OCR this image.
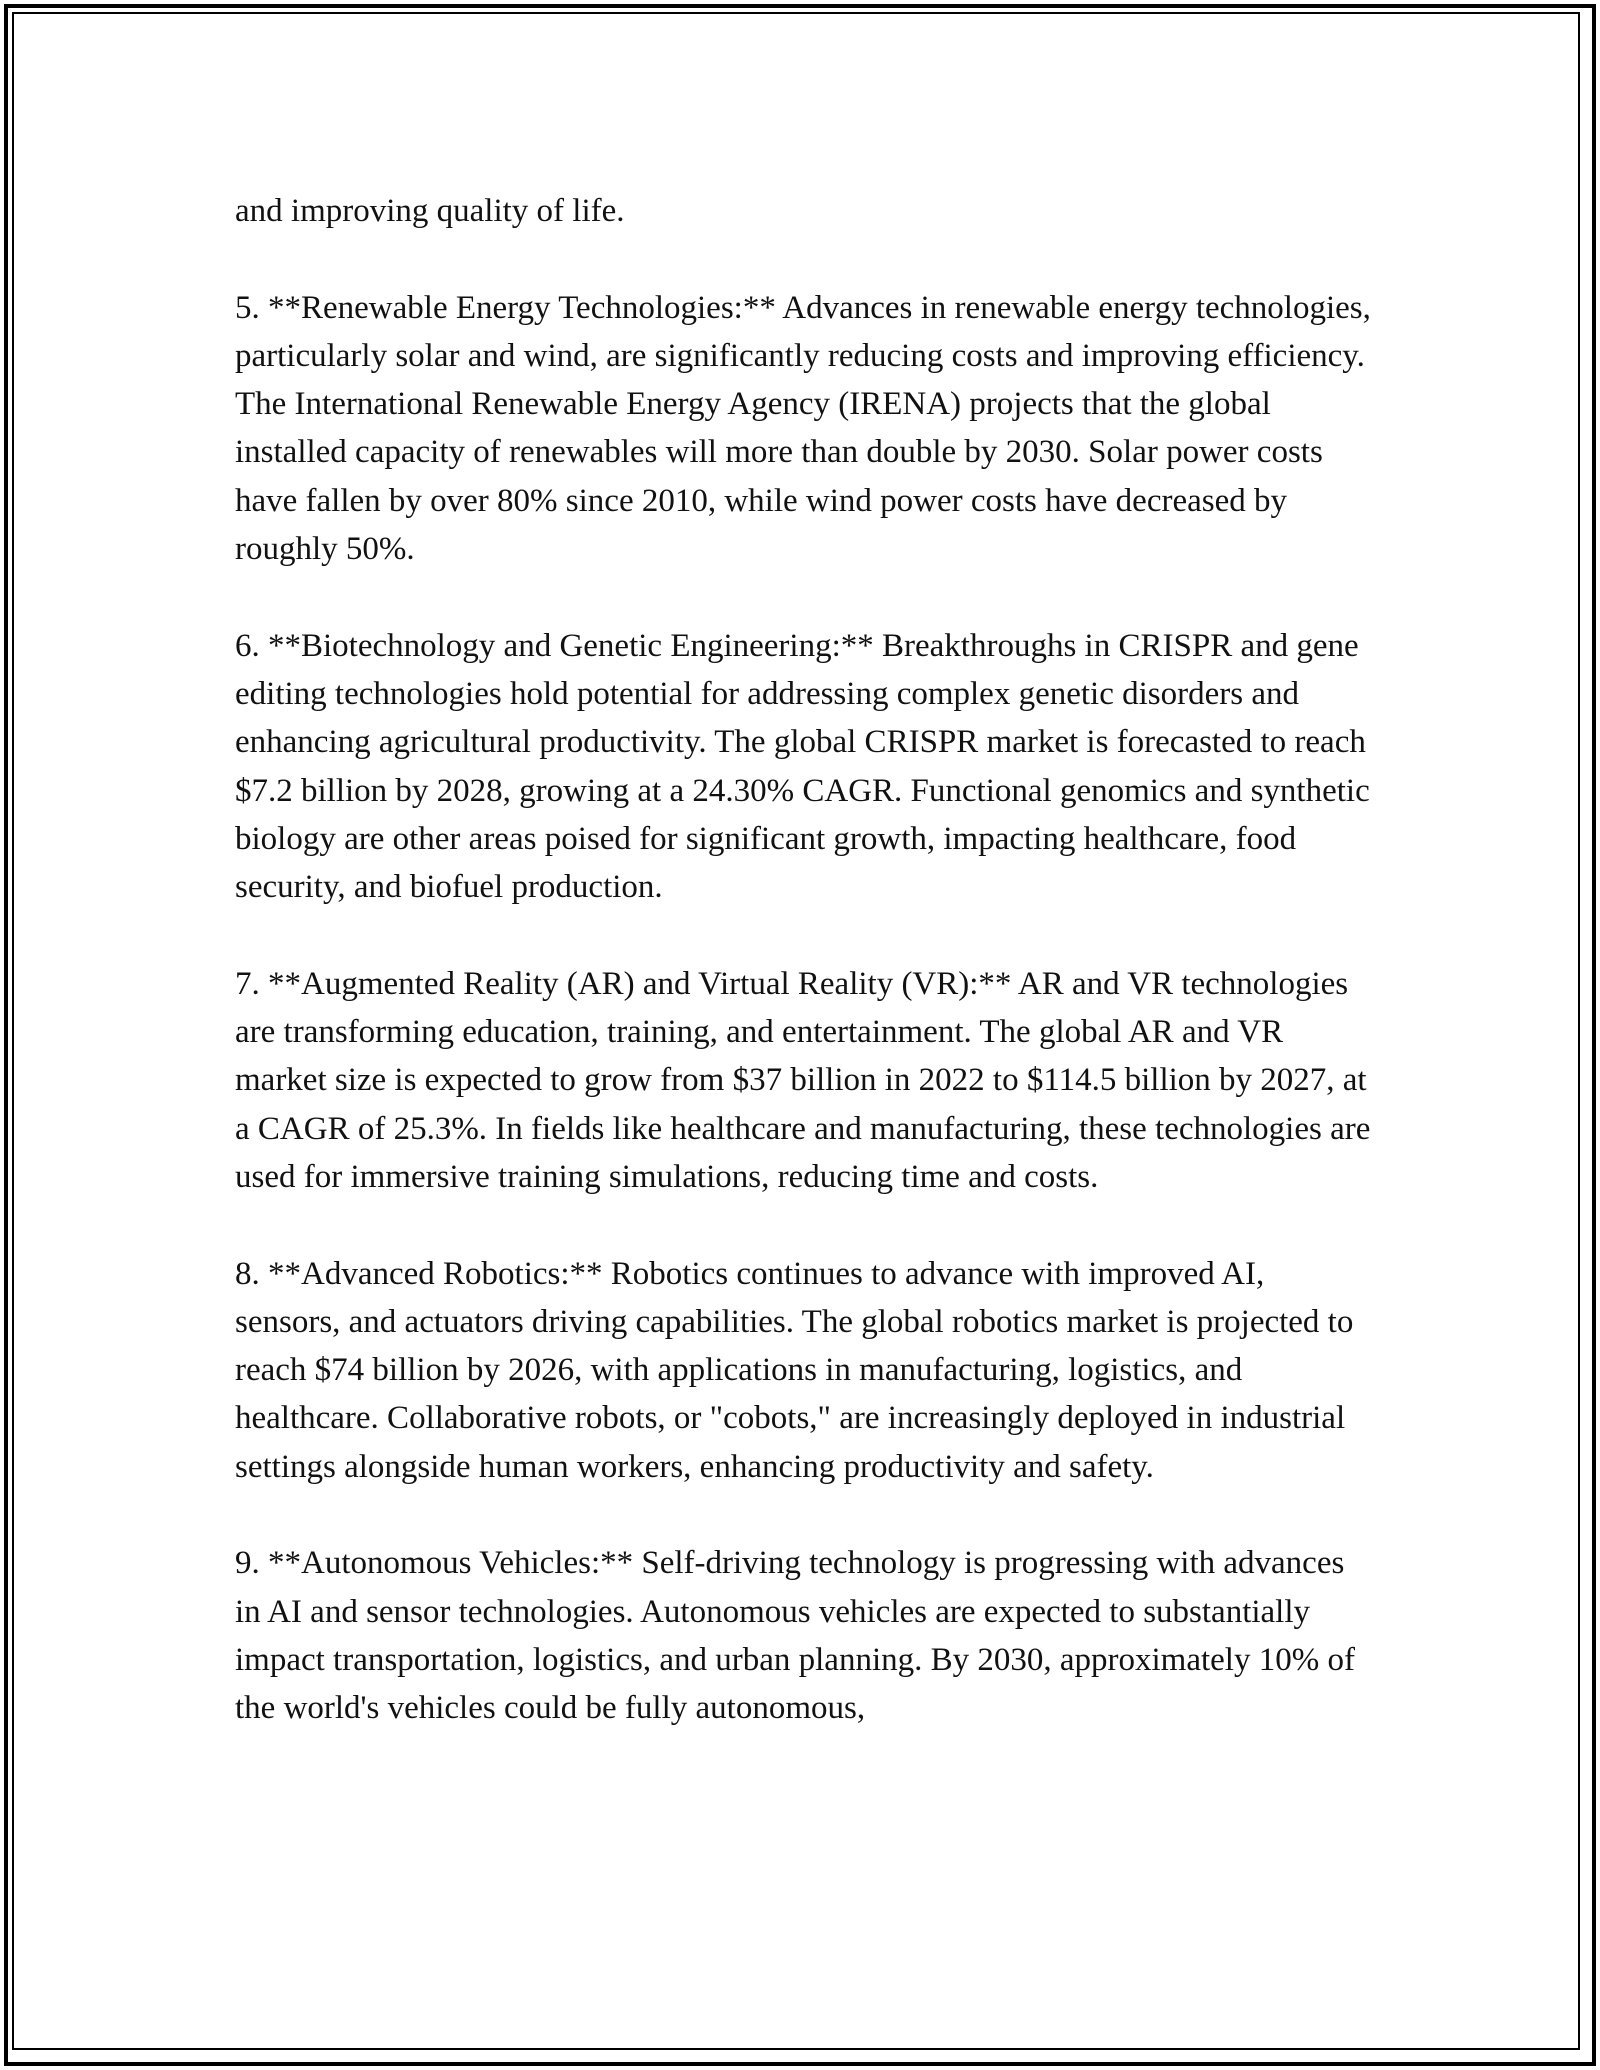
and improving quality of life.

5. **Renewable Energy Technologies:** Advances in renewable energy technologies, particularly solar and wind, are significantly reducing costs and improving efficiency. The International Renewable Energy Agency (IRENA) projects that the global installed capacity of renewables will more than double by 2030. Solar power costs have fallen by over 80% since 2010, while wind power costs have decreased by roughly 50%.

6. **Biotechnology and Genetic Engineering:** Breakthroughs in CRISPR and gene editing technologies hold potential for addressing complex genetic disorders and enhancing agricultural productivity. The global CRISPR market is forecasted to reach $7.2 billion by 2028, growing at a 24.30% CAGR. Functional genomics and synthetic biology are other areas poised for significant growth, impacting healthcare, food security, and biofuel production.

7. **Augmented Reality (AR) and Virtual Reality (VR):** AR and VR technologies are transforming education, training, and entertainment. The global AR and VR market size is expected to grow from $37 billion in 2022 to $114.5 billion by 2027, at a CAGR of 25.3%. In fields like healthcare and manufacturing, these technologies are used for immersive training simulations, reducing time and costs.

8. **Advanced Robotics:** Robotics continues to advance with improved AI, sensors, and actuators driving capabilities. The global robotics market is projected to reach $74 billion by 2026, with applications in manufacturing, logistics, and healthcare. Collaborative robots, or "cobots," are increasingly deployed in industrial settings alongside human workers, enhancing productivity and safety.

9. **Autonomous Vehicles:** Self-driving technology is progressing with advances in AI and sensor technologies. Autonomous vehicles are expected to substantially impact transportation, logistics, and urban planning. By 2030, approximately 10% of the world's vehicles could be fully autonomous,
